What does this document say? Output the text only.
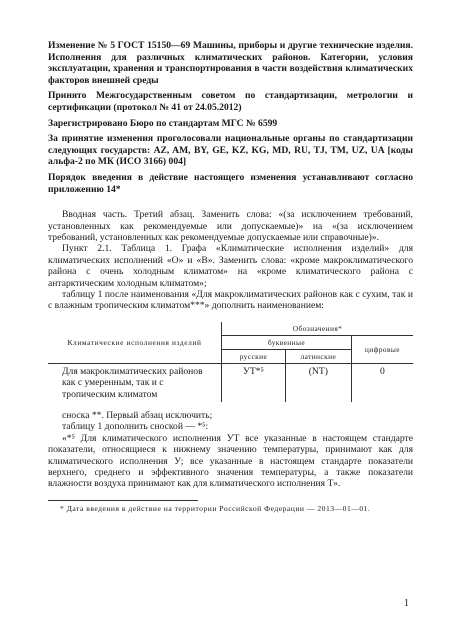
Изменение № 5 ГОСТ 15150—69 Машины, приборы и другие технические изделия. Исполнения для различных климатических районов. Категории, условия эксплуатации, хранения и транспортирования в части воздействия климатических факторов внешней среды

Принято Межгосударственным советом по стандартизации, метрологии и сертификации (протокол № 41 от 24.05.2012)

Зарегистрировано Бюро по стандартам МГС № 6599

За принятие изменения проголосовали национальные органы по стандартизации следующих государств: AZ, AM, BY, GE, KZ, KG, MD, RU, TJ, TM, UZ, UA [коды альфа-2 по МК (ИСО 3166) 004]

Порядок введения в действие настоящего изменения устанавливают согласно приложению 14*

Вводная часть. Третий абзац. Заменить слова: «(за исключением требований, установленных как рекомендуемые или допускаемые)» на «(за исключением требований, установленных как рекомендуемые допускаемые или справочные)».

Пункт 2.1. Таблица 1. Графа «Климатические исполнения изделий» для климатических исполнений «О» и «В». Заменить слова: «кроме макроклиматического района с очень холодным климатом» на «кроме климатического района с антарктическим холодным климатом»;

таблицу 1 после наименования «Для макроклиматических районов как с сухим, так и с влажным тропическим климатом***» дополнить наименованием:

Климатические исполнения изделий	Обозначения*		
	буквенные		цифровые
	русские	латинские	
Для макроклиматических районов как с умеренным, так и с тропическим климатом	УТ*⁵	(NT)	0

сноска **. Первый абзац исключить;

таблицу 1 дополнить сноской — *⁵:

«*⁵ Для климатического исполнения УТ все указанные в настоящем стандарте показатели, относящиеся к нижнему значению температуры, принимают как для климатического исполнения У; все указанные в настоящем стандарте показатели верхнего, среднего и эффективного значения температуры, а также показатели влажности воздуха принимают как для климатического исполнения Т».

* Дата введения в действие на территории Российской Федерации — 2013—01—01.

1
